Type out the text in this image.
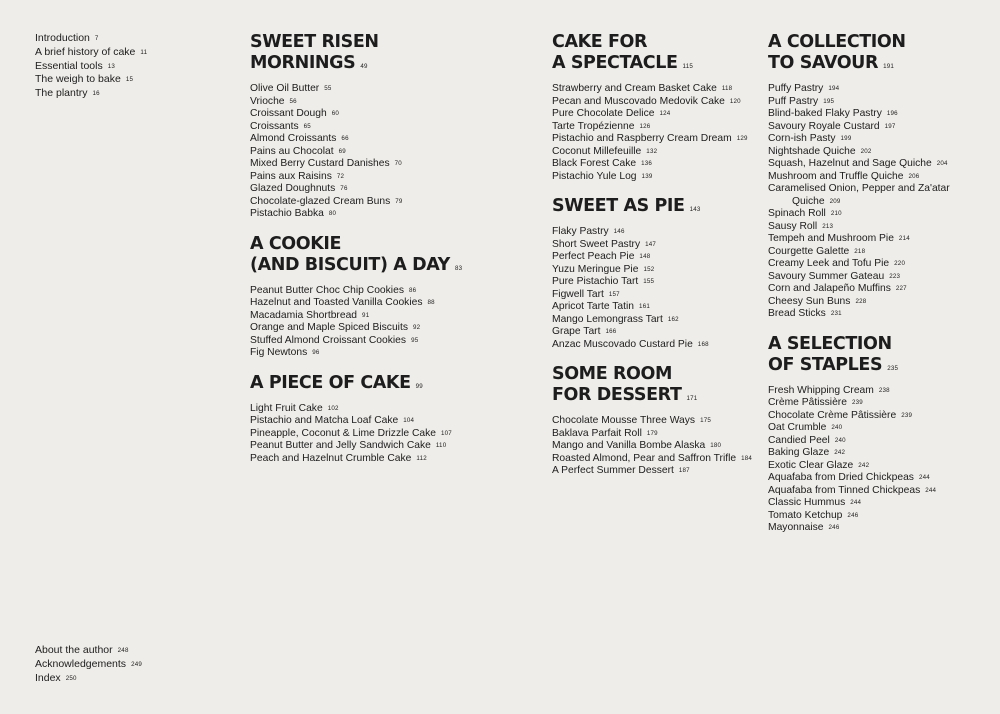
Introduction 7
A brief history of cake 11
Essential tools 13
The weigh to bake 15
The plantry 16
SWEET RISEN
MORNINGS 49
Olive Oil Butter 55
Vrioche 56
Croissant Dough 60
Croissants 65
Almond Croissants 66
Pains au Chocolat 69
Mixed Berry Custard Danishes 70
Pains aux Raisins 72
Glazed Doughnuts 76
Chocolate-glazed Cream Buns 79
Pistachio Babka 80
A COOKIE
(AND BISCUIT) A DAY 83
Peanut Butter Choc Chip Cookies 86
Hazelnut and Toasted Vanilla Cookies 88
Macadamia Shortbread 91
Orange and Maple Spiced Biscuits 92
Stuffed Almond Croissant Cookies 95
Fig Newtons 96
A PIECE OF CAKE 99
Light Fruit Cake 102
Pistachio and Matcha Loaf Cake 104
Pineapple, Coconut & Lime Drizzle Cake 107
Peanut Butter and Jelly Sandwich Cake 110
Peach and Hazelnut Crumble Cake 112
CAKE FOR
A SPECTACLE 115
Strawberry and Cream Basket Cake 118
Pecan and Muscovado Medovik Cake 120
Pure Chocolate Delice 124
Tarte Tropézienne 126
Pistachio and Raspberry Cream Dream 129
Coconut Millefeuille 132
Black Forest Cake 136
Pistachio Yule Log 139
SWEET AS PIE 143
Flaky Pastry 146
Short Sweet Pastry 147
Perfect Peach Pie 148
Yuzu Meringue Pie 152
Pure Pistachio Tart 155
Figwell Tart 157
Apricot Tarte Tatin 161
Mango Lemongrass Tart 162
Grape Tart 166
Anzac Muscovado Custard Pie 168
SOME ROOM
FOR DESSERT 171
Chocolate Mousse Three Ways 175
Baklava Parfait Roll 179
Mango and Vanilla Bombe Alaska 180
Roasted Almond, Pear and Saffron Trifle 184
A Perfect Summer Dessert 187
A COLLECTION
TO SAVOUR 191
Puffy Pastry 194
Puff Pastry 195
Blind-baked Flaky Pastry 196
Savoury Royale Custard 197
Corn-ish Pasty 199
Nightshade Quiche 202
Squash, Hazelnut and Sage Quiche 204
Mushroom and Truffle Quiche 206
Caramelised Onion, Pepper and Za'atar
Quiche 209
Spinach Roll 210
Sausy Roll 213
Tempeh and Mushroom Pie 214
Courgette Galette 218
Creamy Leek and Tofu Pie 220
Savoury Summer Gateau 223
Corn and Jalapeño Muffins 227
Cheesy Sun Buns 228
Bread Sticks 231
A SELECTION
OF STAPLES 235
Fresh Whipping Cream 238
Crème Pâtissière 239
Chocolate Crème Pâtissière 239
Oat Crumble 240
Candied Peel 240
Baking Glaze 242
Exotic Clear Glaze 242
Aquafaba from Dried Chickpeas 244
Aquafaba from Tinned Chickpeas 244
Classic Hummus 244
Tomato Ketchup 246
Mayonnaise 246
About the author 248
Acknowledgements 249
Index 250
